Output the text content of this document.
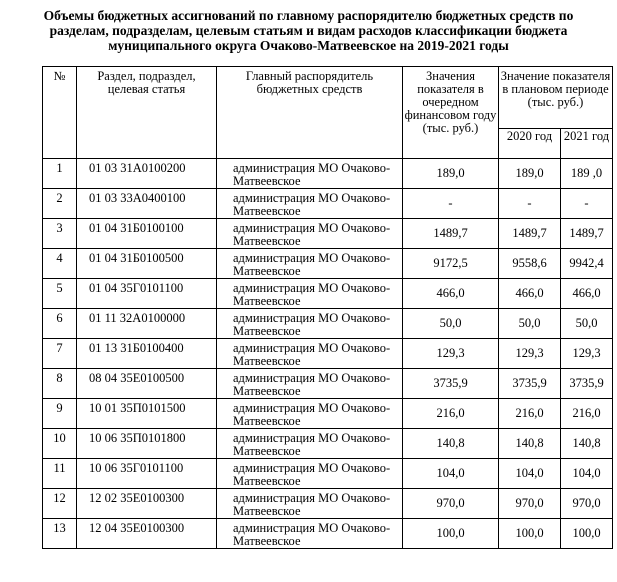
Объемы бюджетных ассигнований по главному распорядителю бюджетных средств по разделам, подразделам, целевым статьям и видам расходов классификации бюджета муниципального округа Очаково-Матвеевское на 2019-2021 годы
№	Раздел, подраздел, целевая статья	Главный распорядитель бюджетных средств	Значения показателя в очередном финансовом году (тыс. руб.)	Значение показателя в плановом периоде (тыс. руб.)	
				2020 год	2021 год
1	01 03 31А0100200	администрация МО Очаково-Матвеевское	189,0	189,0	189 ,0
2	01 03 33А0400100	администрация МО Очаково-Матвеевское	-	-	-
3	01 04 31Б0100100	администрация МО Очаково-Матвеевское	1489,7	1489,7	1489,7
4	01 04 31Б0100500	администрация МО Очаково-Матвеевское	9172,5	9558,6	9942,4
5	01 04 35Г0101100	администрация МО Очаково-Матвеевское	466,0	466,0	466,0
6	01 11 32А0100000	администрация МО Очаково-Матвеевское	50,0	50,0	50,0
7	01 13 31Б0100400	администрация МО Очаково-Матвеевское	129,3	129,3	129,3
8	08 04 35Е0100500	администрация МО Очаково-Матвеевское	3735,9	3735,9	3735,9
9	10 01 35П0101500	администрация МО Очаково-Матвеевское	216,0	216,0	216,0
10	10 06 35П0101800	администрация МО Очаково-Матвеевское	140,8	140,8	140,8
11	10 06 35Г0101100	администрация МО Очаково-Матвеевское	104,0	104,0	104,0
12	12 02 35Е0100300	администрация МО Очаково-Матвеевское	970,0	970,0	970,0
13	12 04 35Е0100300	администрация МО Очаково-Матвеевское	100,0	100,0	100,0
